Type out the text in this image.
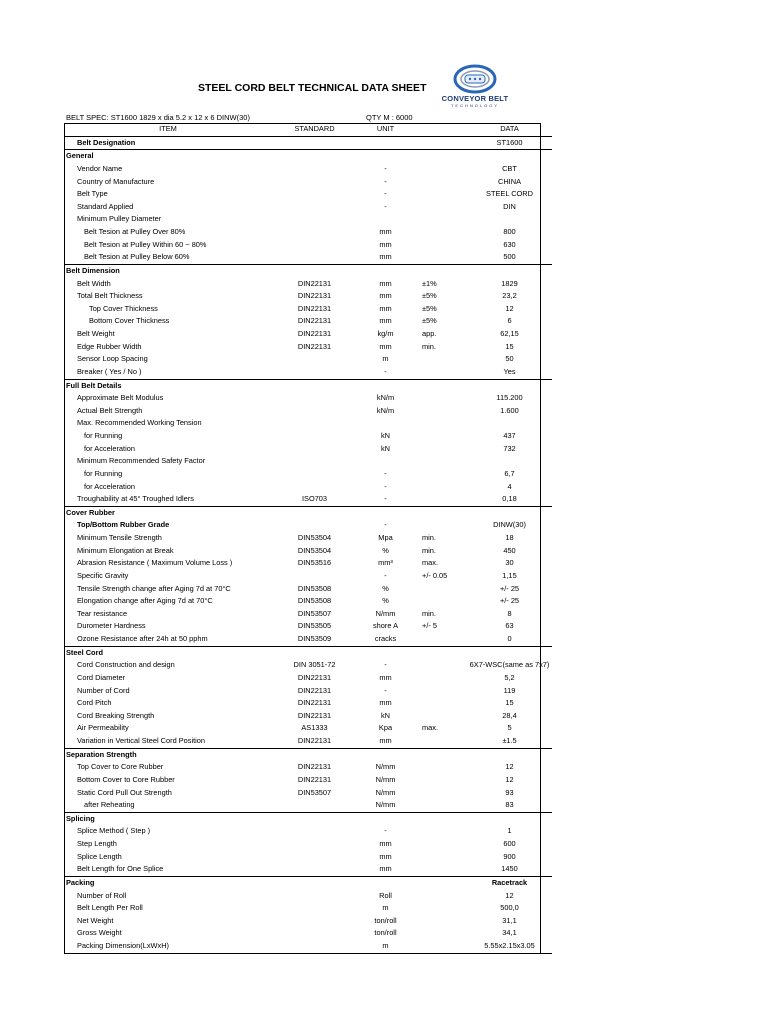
STEEL CORD BELT TECHNICAL DATA SHEET
CONVEYOR BELT
TECHNOLOGY
BELT SPEC: ST1600 1829 x dia 5.2 x 12 x 6 DINW(30)	QTY M : 6000
ITEM	STANDARD	UNIT		DATA
Belt Designation				ST1600
General				
Vendor Name		-		CBT
Country of Manufacture		-		CHINA
Belt Type		-		STEEL CORD
Standard Applied		-		DIN
Minimum Pulley Diameter				
Belt Tesion at Pulley Over 80%		mm		800
Belt Tesion at Pulley Within 60 ~ 80%		mm		630
Belt Tesion at Pulley Below 60%		mm		500
Belt Dimension				
Belt Width	DIN22131	mm	±1%	1829
Total Belt Thickness	DIN22131	mm	±5%	23,2
Top Cover Thickness	DIN22131	mm	±5%	12
Bottom Cover Thickness	DIN22131	mm	±5%	6
Belt Weight	DIN22131	kg/m	app.	62,15
Edge Rubber Width	DIN22131	mm	min.	15
Sensor Loop Spacing		m		50
Breaker ( Yes / No )		-		Yes
Full Belt Details				
Approximate Belt Modulus		kN/m		115.200
Actual Belt Strength		kN/m		1.600
Max. Recommended Working Tension				
for Running		kN		437
for Acceleration		kN		732
Minimum Recommended Safety Factor				
for Running		-		6,7
for Acceleration		-		4
Troughability at 45° Troughed Idlers	ISO703	-		0,18
Cover Rubber				
Top/Bottom Rubber Grade		-		DINW(30)
Minimum Tensile Strength	DIN53504	Mpa	min.	18
Minimum Elongation at Break	DIN53504	%	min.	450
Abrasion Resistance ( Maximum Volume Loss )	DIN53516	mm³	max.	30
Specific Gravity		-	+/- 0.05	1,15
Tensile Strength change after Aging 7d at 70°C	DIN53508	%		+/- 25
Elongation change after Aging 7d at 70°C	DIN53508	%		+/- 25
Tear resistance	DIN53507	N/mm	min.	8
Durometer Hardness	DIN53505	shore A	+/- 5	63
Ozone Resistance after 24h at 50 pphm	DIN53509	cracks		0
Steel Cord				
Cord Construction and design	DIN 3051-72	-		6X7-WSC(same as 7x7)
Cord Diameter	DIN22131	mm		5,2
Number of Cord	DIN22131	-		119
Cord Pitch	DIN22131	mm		15
Cord Breaking Strength	DIN22131	kN		28,4
Air Permeability	AS1333	Kpa	max.	5
Variation in Vertical Steel Cord Position	DIN22131	mm		±1.5
Separation Strength				
Top Cover to Core Rubber	DIN22131	N/mm		12
Bottom Cover to Core Rubber	DIN22131	N/mm		12
Static Cord Pull Out Strength	DIN53507	N/mm		93
after Reheating		N/mm		83
Splicing				
Splice Method ( Step )		-		1
Step Length		mm		600
Splice Length		mm		900
Belt Length for One Splice		mm		1450
Packing				Racetrack
Number of Roll		Roll		12
Belt Length Per Roll		m		500,0
Net Weight		ton/roll		31,1
Gross Weight		ton/roll		34,1
Packing Dimension(LxWxH)		m		5.55x2.15x3.05
